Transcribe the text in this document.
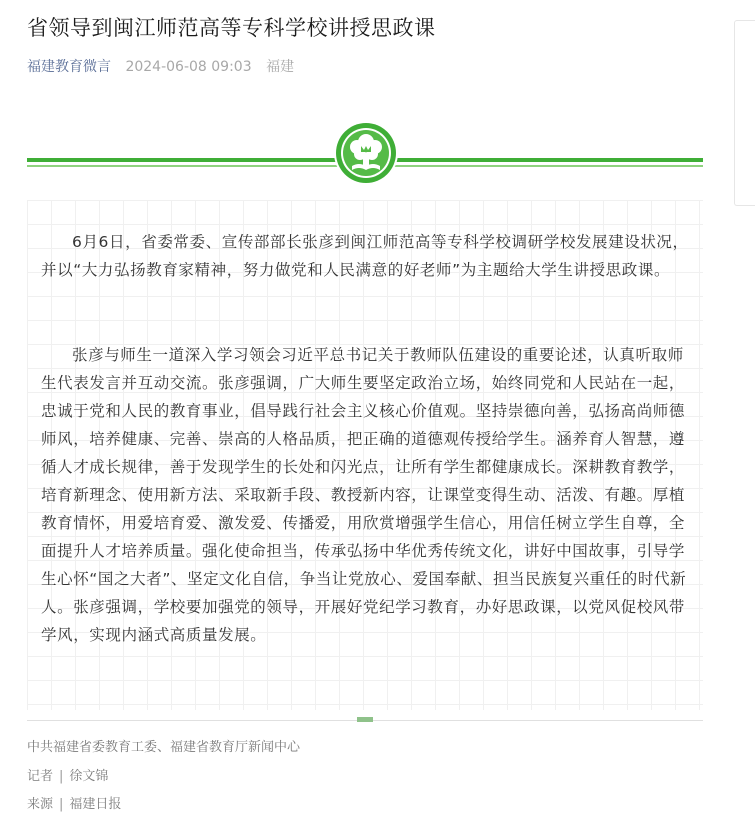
省领导到闽江师范高等专科学校讲授思政课
福建教育微言 2024-06-08 09:03 福建

6月6日，省委常委、宣传部部长张彦到闽江师范高等专科学校调研学校发展建设状况，并以“大力弘扬教育家精神，努力做党和人民满意的好老师”为主题给大学生讲授思政课。

张彦与师生一道深入学习领会习近平总书记关于教师队伍建设的重要论述，认真听取师生代表发言并互动交流。张彦强调，广大师生要坚定政治立场，始终同党和人民站在一起，忠诚于党和人民的教育事业，倡导践行社会主义核心价值观。坚持崇德向善，弘扬高尚师德师风，培养健康、完善、崇高的人格品质，把正确的道德观传授给学生。涵养育人智慧，遵循人才成长规律，善于发现学生的长处和闪光点，让所有学生都健康成长。深耕教育教学，培育新理念、使用新方法、采取新手段、教授新内容，让课堂变得生动、活泼、有趣。厚植教育情怀，用爱培育爱、激发爱、传播爱，用欣赏增强学生信心，用信任树立学生自尊，全面提升人才培养质量。强化使命担当，传承弘扬中华优秀传统文化，讲好中国故事，引导学生心怀“国之大者”、坚定文化自信，争当让党放心、爱国奉献、担当民族复兴重任的时代新人。张彦强调，学校要加强党的领导，开展好党纪学习教育，办好思政课，以党风促校风带学风，实现内涵式高质量发展。

中共福建省委教育工委、福建省教育厅新闻中心
记者 | 徐文锦
来源 | 福建日报
